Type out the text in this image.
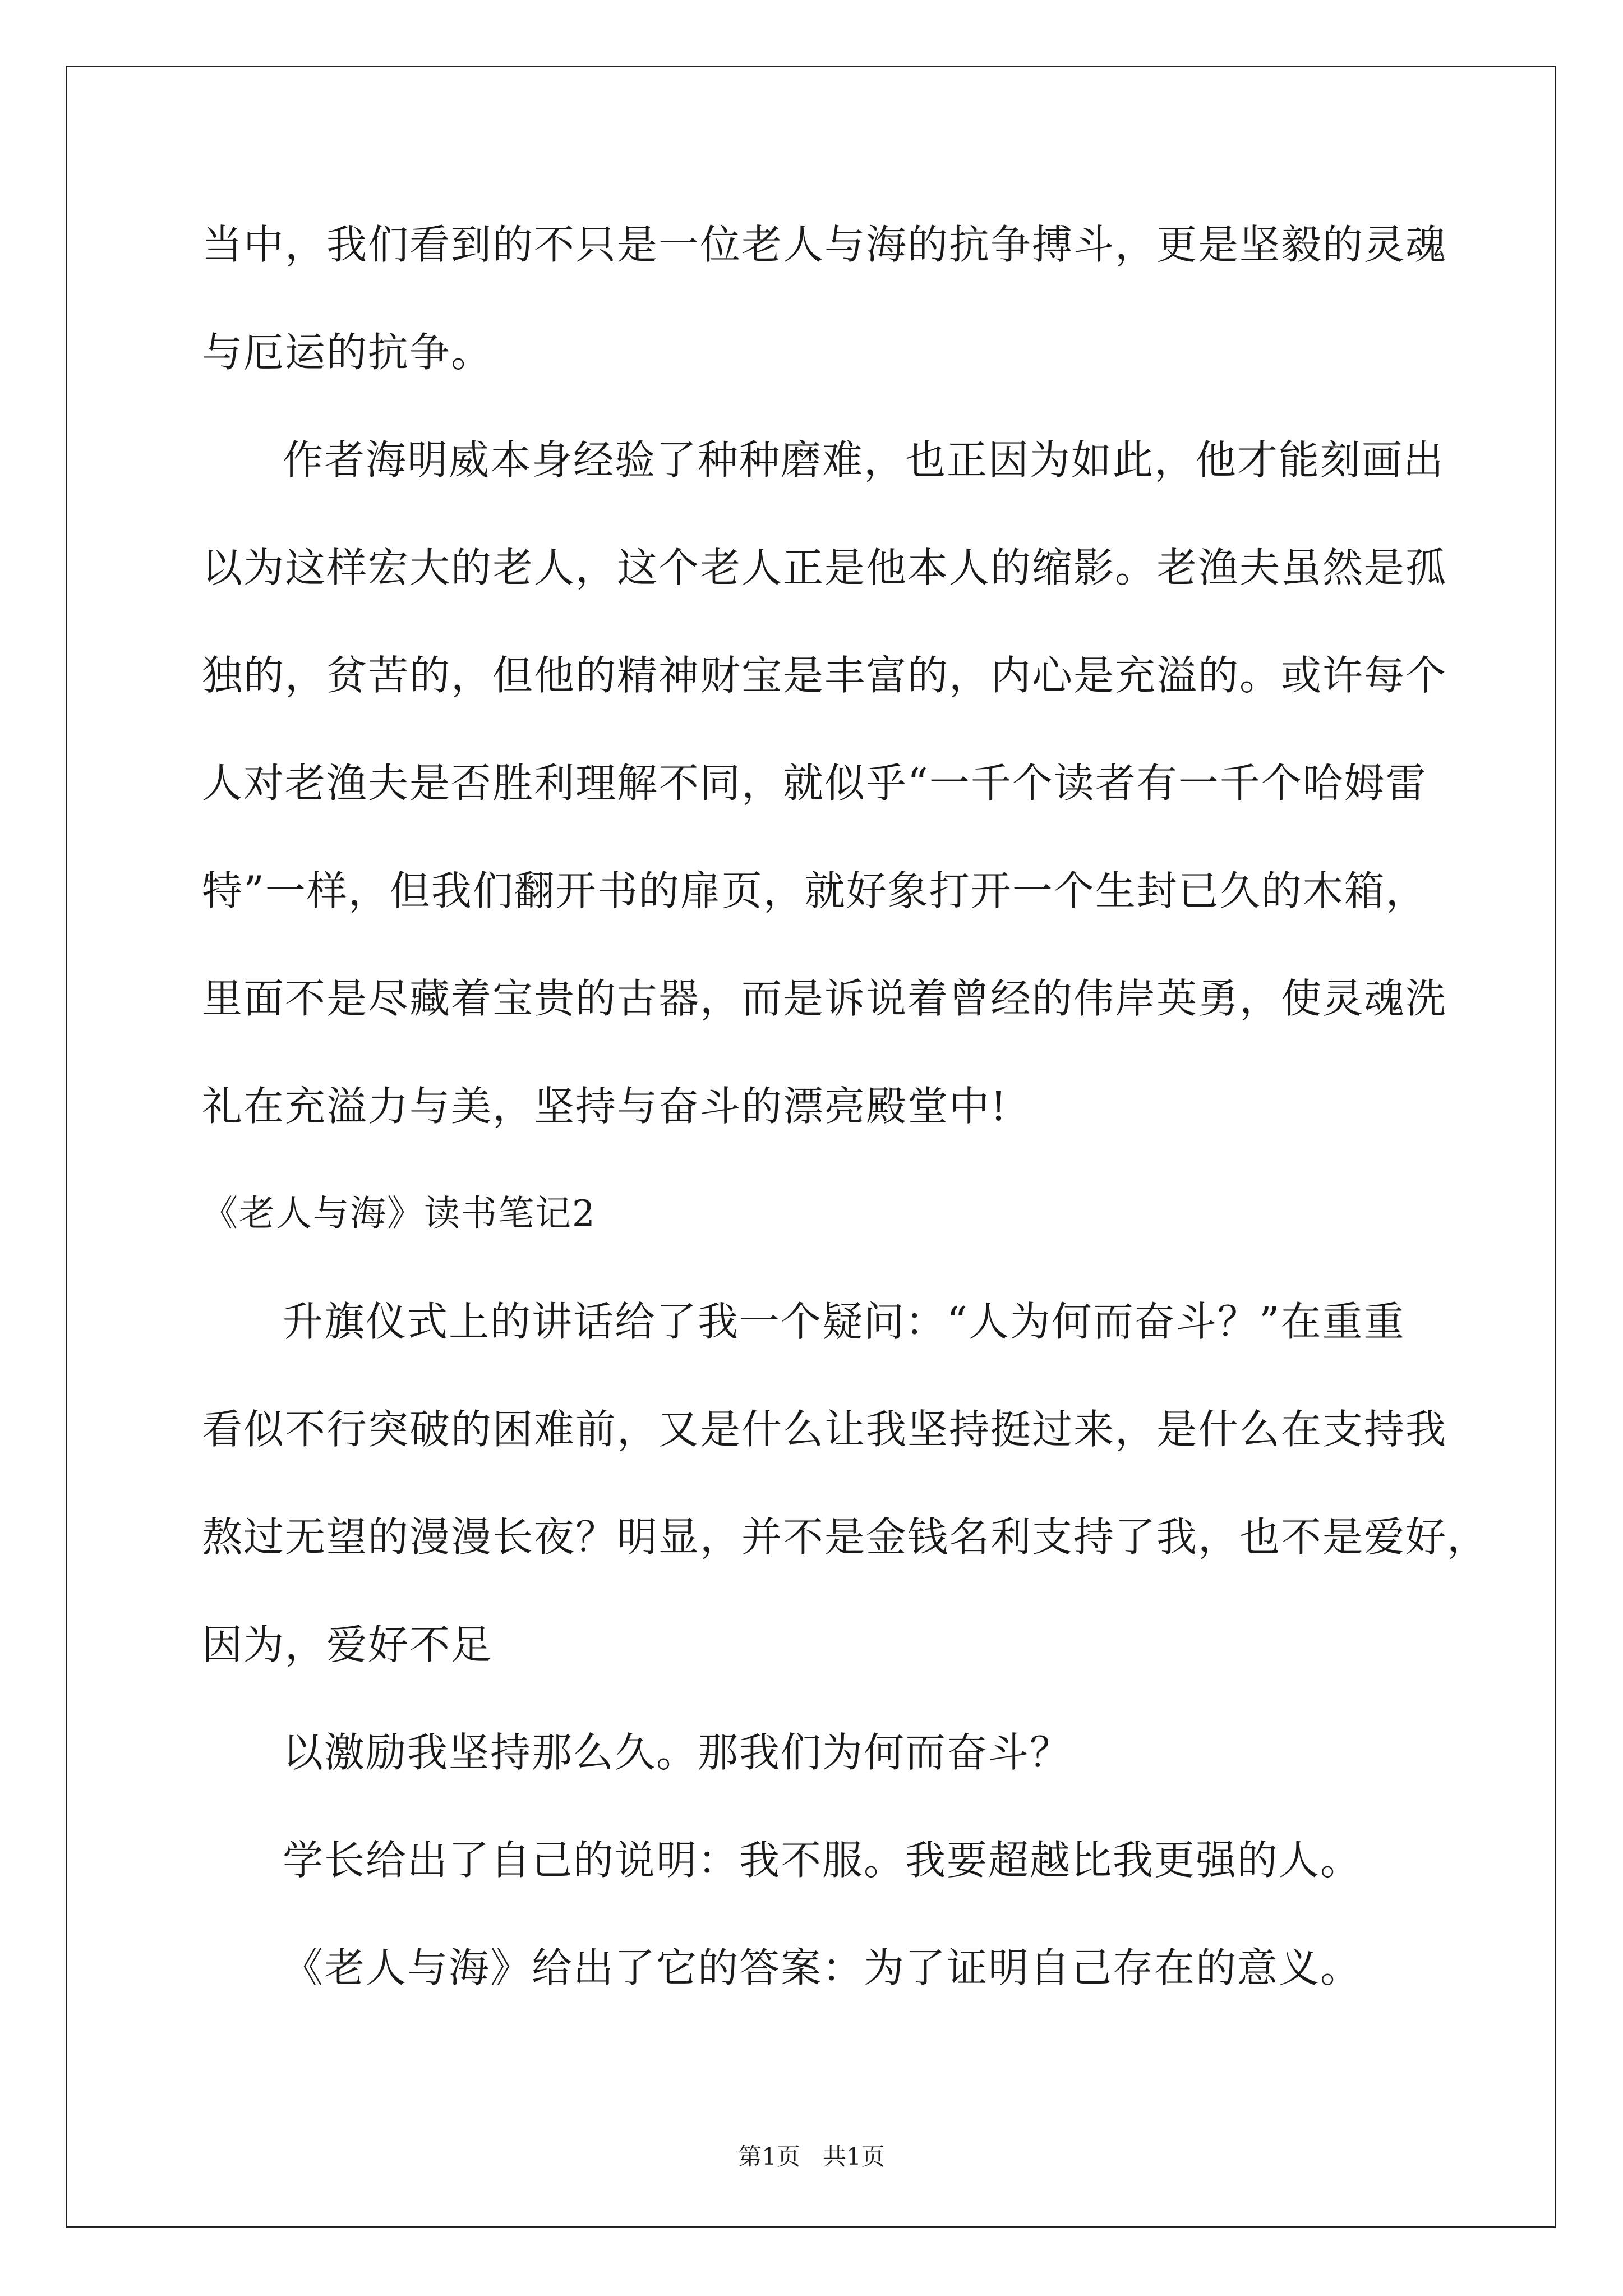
当中，我们看到的不只是一位老人与海的抗争搏斗，更是坚毅的灵魂

与厄运的抗争。

作者海明威本身经验了种种磨难，也正因为如此，他才能刻画出

以为这样宏大的老人，这个老人正是他本人的缩影。老渔夫虽然是孤

独的，贫苦的，但他的精神财宝是丰富的，内心是充溢的。或许每个

人对老渔夫是否胜利理解不同，就似乎“一千个读者有一千个哈姆雷

特”一样，但我们翻开书的扉页，就好象打开一个生封已久的木箱，

里面不是尽藏着宝贵的古器，而是诉说着曾经的伟岸英勇，使灵魂洗

礼在充溢力与美，坚持与奋斗的漂亮殿堂中!

《老人与海》读书笔记2

升旗仪式上的讲话给了我一个疑问：“人为何而奋斗？”在重重

看似不行突破的困难前，又是什么让我坚持挺过来，是什么在支持我

熬过无望的漫漫长夜？明显，并不是金钱名利支持了我，也不是爱好，

因为，爱好不足

以激励我坚持那么久。那我们为何而奋斗？

学长给出了自己的说明：我不服。我要超越比我更强的人。

《老人与海》给出了它的答案：为了证明自己存在的意义。

第1页 共1页
